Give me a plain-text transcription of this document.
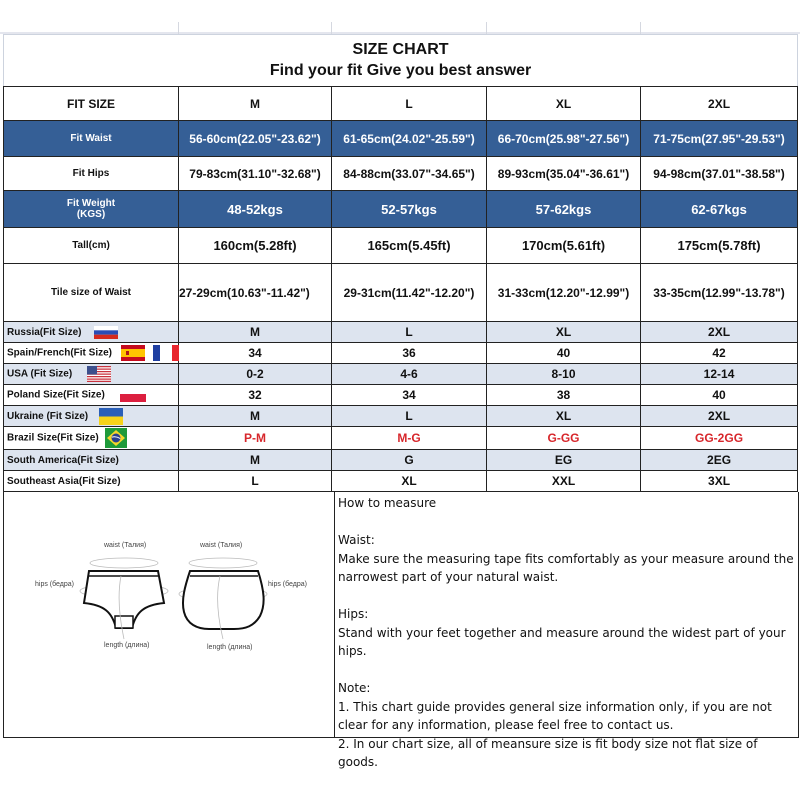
SIZE CHART
Find your fit Give you best answer				

FIT SIZE	M	L	XL	2XL
Fit Waist	56-60cm(22.05"-23.62")	61-65cm(24.02"-25.59")	66-70cm(25.98"-27.56")	71-75cm(27.95"-29.53")
Fit Hips	79-83cm(31.10"-32.68")	84-88cm(33.07"-34.65")	89-93cm(35.04"-36.61")	94-98cm(37.01"-38.58")

Fit Weight
(KGS)	48-52kgs	52-57kgs	57-62kgs	62-67kgs
Tall(cm)	160cm(5.28ft)	165cm(5.45ft)	170cm(5.61ft)	175cm(5.78ft)
Tile size of Waist	27-29cm(10.63"-11.42")	29-31cm(11.42"-12.20")	31-33cm(12.20"-12.99")	33-35cm(12.99"-13.78")
Russia(Fit Size)	M	L	XL	2XL
Spain/French(Fit Size)	34	36	40	42
USA (Fit Size)	0-2	4-6	8-10	12-14
Poland Size(Fit Size)	32	34	38	40
Ukraine (Fit Size)	M	L	XL	2XL
Brazil Size(Fit Size)	P-M	M-G	G-GG	GG-2GG
South America(Fit Size)	M	G	EG	2EG
Southeast Asia(Fit Size)	L	XL	XXL	3XL
waist (Талия)	waist (Талия)
hips (бедра)	hips (бедра)
length (длина)	length (длина)

How to measure

Waist:

Make sure the measuring tape fits comfortably as your measure around the narrowest part of your natural waist.

Hips:

Stand with your feet together and measure around the widest part of your hips.

Note:

1. This chart guide provides general size information only, if you are not clear for any information, please feel free to contact us.

2. In our chart size, all of meansure size is fit body size not flat size of goods.
